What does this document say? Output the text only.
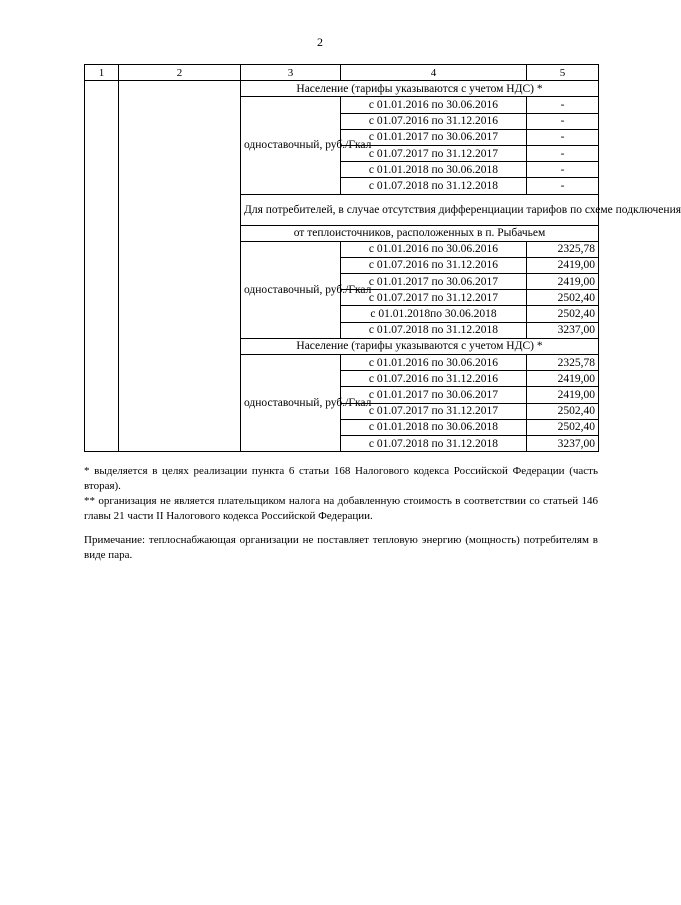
2
1	2	3	4	5
		Население (тарифы указываются с учетом НДС) *		
		одноставочный, руб./Гкал	с 01.01.2016 по 30.06.2016	-
			с 01.07.2016 по 31.12.2016	-
			с 01.01.2017 по 30.06.2017	-
			с 01.07.2017 по 31.12.2017	-
			с 01.01.2018 по 30.06.2018	-
			с 01.07.2018 по 31.12.2018	-
		Для потребителей, в случае отсутствия дифференциации тарифов по схеме подключения		
		от теплоисточников, расположенных в п. Рыбачьем		
		одноставочный, руб./Гкал	с 01.01.2016 по 30.06.2016	2325,78
			с 01.07.2016 по 31.12.2016	2419,00
			с 01.01.2017 по 30.06.2017	2419,00
			с 01.07.2017 по 31.12.2017	2502,40
			с 01.01.2018по 30.06.2018	2502,40
			с 01.07.2018 по 31.12.2018	3237,00
		Население (тарифы указываются с учетом НДС) *		
		одноставочный, руб./Гкал	с 01.01.2016 по 30.06.2016	2325,78
			с 01.07.2016 по 31.12.2016	2419,00
			с 01.01.2017 по 30.06.2017	2419,00
			с 01.07.2017 по 31.12.2017	2502,40
			с 01.01.2018 по 30.06.2018	2502,40
			с 01.07.2018 по 31.12.2018	3237,00

* выделяется в целях реализации пункта 6 статьи 168 Налогового кодекса Российской Федерации (часть вторая).

** организация не является плательщиком налога на добавленную стоимость в соответствии со статьей 146 главы 21 части II Налогового кодекса Российской Федерации.

Примечание: теплоснабжающая организации не поставляет тепловую энергию (мощность) потребителям в виде пара.
